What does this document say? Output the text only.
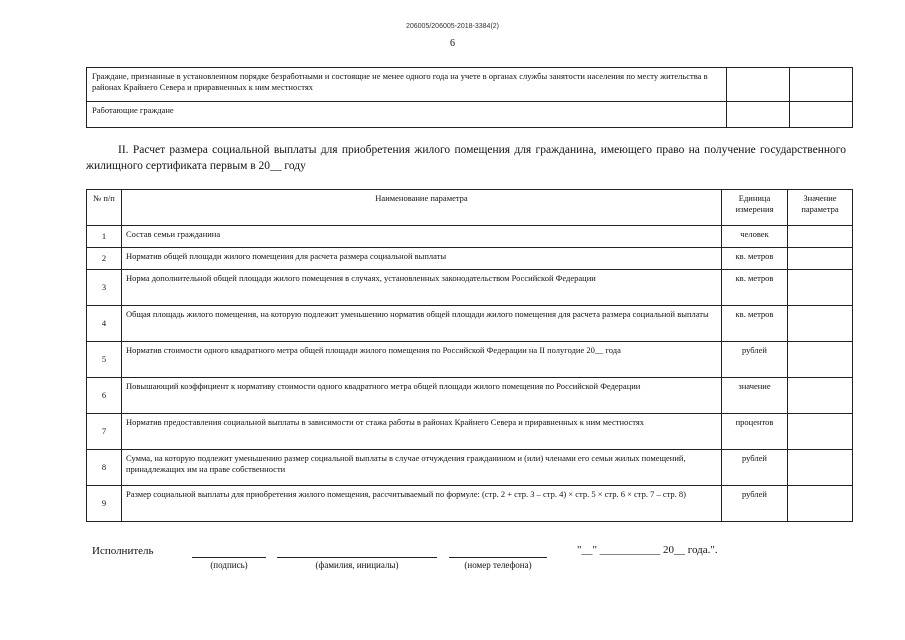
206005/206005-2018-3384(2)
6
Граждане, признанные в установленном порядке безработными и состоящие не менее одного года на учете в органах службы занятости населения по месту жительства в районах Крайнего Севера и приравненных к ним местностях		
Работающие граждане		
II. Расчет размера социальной выплаты для приобретения жилого помещения для гражданина, имеющего право на получение государственного жилищного сертификата первым в 20__ году
№ п/п	Наименование параметра	Единица измерения	Значение параметра
1	Состав семьи гражданина	человек	
2	Норматив общей площади жилого помещения для расчета размера социальной выплаты	кв. метров	
3	Норма дополнительной общей площади жилого помещения в случаях, установленных законодательством Российской Федерации	кв. метров	
4	Общая площадь жилого помещения, на которую подлежит уменьшению норматив общей площади жилого помещения для расчета размера социальной выплаты	кв. метров	
5	Норматив стоимости одного квадратного метра общей площади жилого помещения по Российской Федерации на II полугодие 20__ года	рублей	
6	Повышающий коэффициент к нормативу стоимости одного квадратного метра общей площади жилого помещения по Российской Федерации	значение	
7	Норматив предоставления социальной выплаты в зависимости от стажа работы в районах Крайнего Севера и приравненных к ним местностях	процентов	
8	Сумма, на которую подлежит уменьшению размер социальной выплаты в случае отчуждения гражданином и (или) членами его семьи жилых помещений, принадлежащих им на праве собственности	рублей	
9	Размер социальной выплаты для приобретения жилого помещения, рассчитываемый по формуле: (стр. 2 + стр. 3 – стр. 4) × стр. 5 × стр. 6 × стр. 7 – стр. 8)	рублей	
Исполнитель
(подпись)	(фамилия, инициалы)	(номер телефона)
"__" ___________ 20__ года.".
